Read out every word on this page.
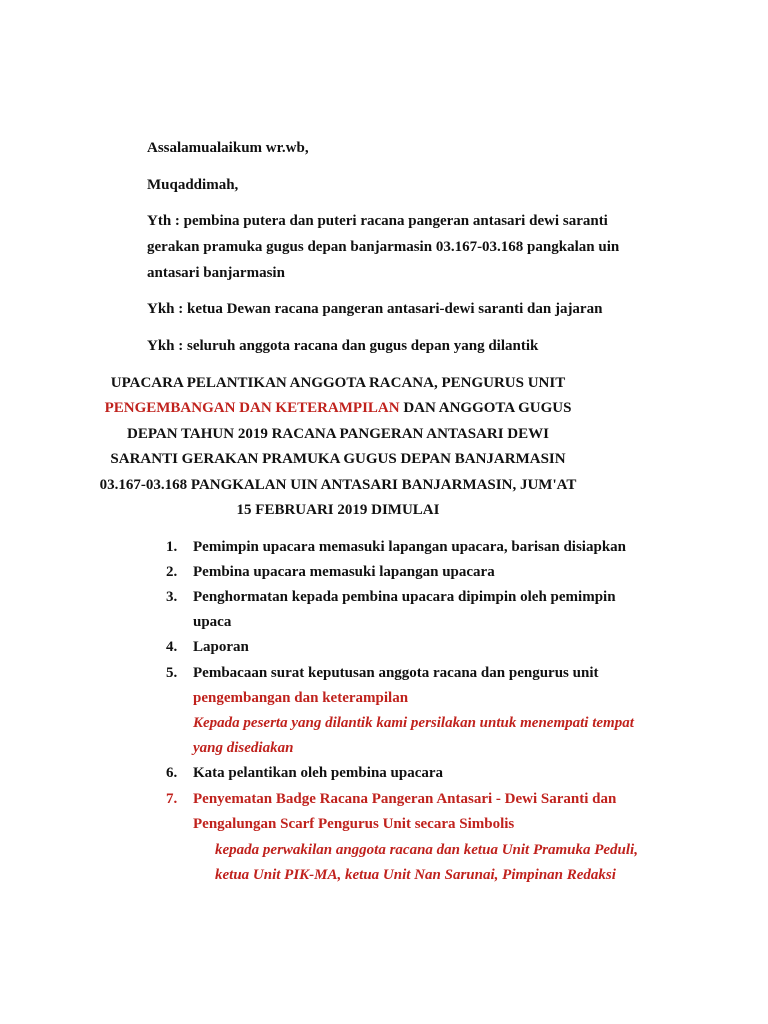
Assalamualaikum wr.wb,
Muqaddimah,
Yth : pembina putera dan puteri racana pangeran antasari dewi saranti
gerakan pramuka gugus depan banjarmasin 03.167-03.168 pangkalan uin
antasari banjarmasin
Ykh : ketua Dewan racana pangeran antasari-dewi saranti dan jajaran
Ykh : seluruh anggota racana dan gugus depan yang dilantik
UPACARA PELANTIKAN ANGGOTA RACANA, PENGURUS UNIT
PENGEMBANGAN DAN KETERAMPILAN DAN ANGGOTA GUGUS
DEPAN TAHUN 2019 RACANA PANGERAN ANTASARI DEWI
SARANTI GERAKAN PRAMUKA GUGUS DEPAN BANJARMASIN
03.167-03.168 PANGKALAN UIN ANTASARI BANJARMASIN, JUM'AT
15 FEBRUARI 2019 DIMULAI
1. Pemimpin upacara memasuki lapangan upacara, barisan disiapkan
2. Pembina upacara memasuki lapangan upacara
3. Penghormatan kepada pembina upacara dipimpin oleh pemimpin
upaca
4. Laporan
5. Pembacaan surat keputusan anggota racana dan pengurus unit
pengembangan dan keterampilan
Kepada peserta yang dilantik kami persilakan untuk menempati tempat
yang disediakan
6. Kata pelantikan oleh pembina upacara
7. Penyematan Badge Racana Pangeran Antasari - Dewi Saranti dan
Pengalungan Scarf Pengurus Unit secara Simbolis
kepada perwakilan anggota racana dan ketua Unit Pramuka Peduli,
ketua Unit PIK-MA, ketua Unit Nan Sarunai, Pimpinan Redaksi
